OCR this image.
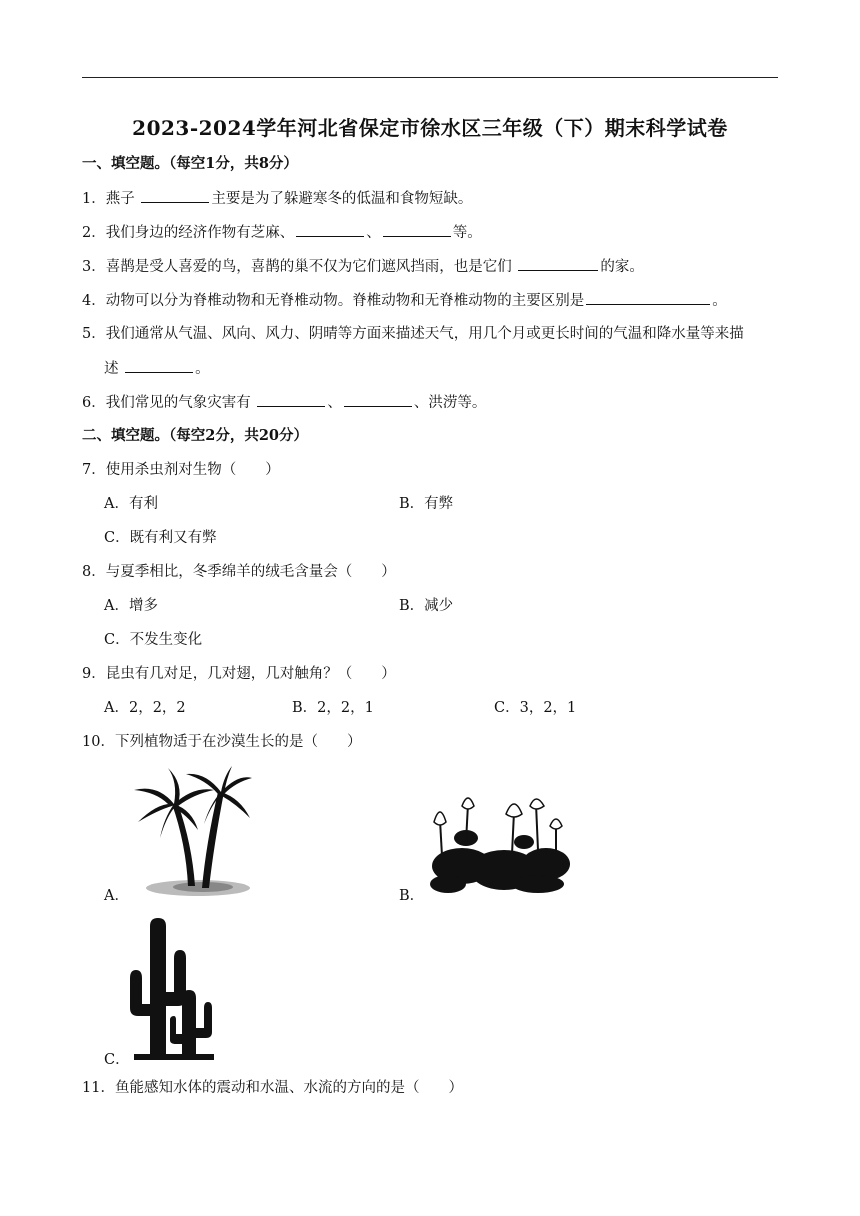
2023-2024学年河北省保定市徐水区三年级（下）期末科学试卷
一、填空题。（每空1分，共8分）
1．燕子	主要是为了躲避寒冬的低温和食物短缺。
2．我们身边的经济作物有芝麻、	、	等。
3．喜鹊是受人喜爱的鸟，喜鹊的巢不仅为它们遮风挡雨，也是它们	的家。
4．动物可以分为脊椎动物和无脊椎动物。脊椎动物和无脊椎动物的主要区别是	。
5．我们通常从气温、风向、风力、阴晴等方面来描述天气，用几个月或更长时间的气温和降水量等来描
述	。
6．我们常见的气象灾害有	、	、洪涝等。
二、填空题。（每空2分，共20分）
7．使用杀虫剂对生物（　　）
A．有利	B．有弊
C．既有利又有弊
8．与夏季相比，冬季绵羊的绒毛含量会（　　）
A．增多	B．减少
C．不发生变化
9．昆虫有几对足，几对翅，几对触角？（　　）
A．2，2，2	B．2，2，1	C．3，2，1
10．下列植物适于在沙漠生长的是（　　）
A．	B．
C．
11．鱼能感知水体的震动和水温、水流的方向的是（　　）
